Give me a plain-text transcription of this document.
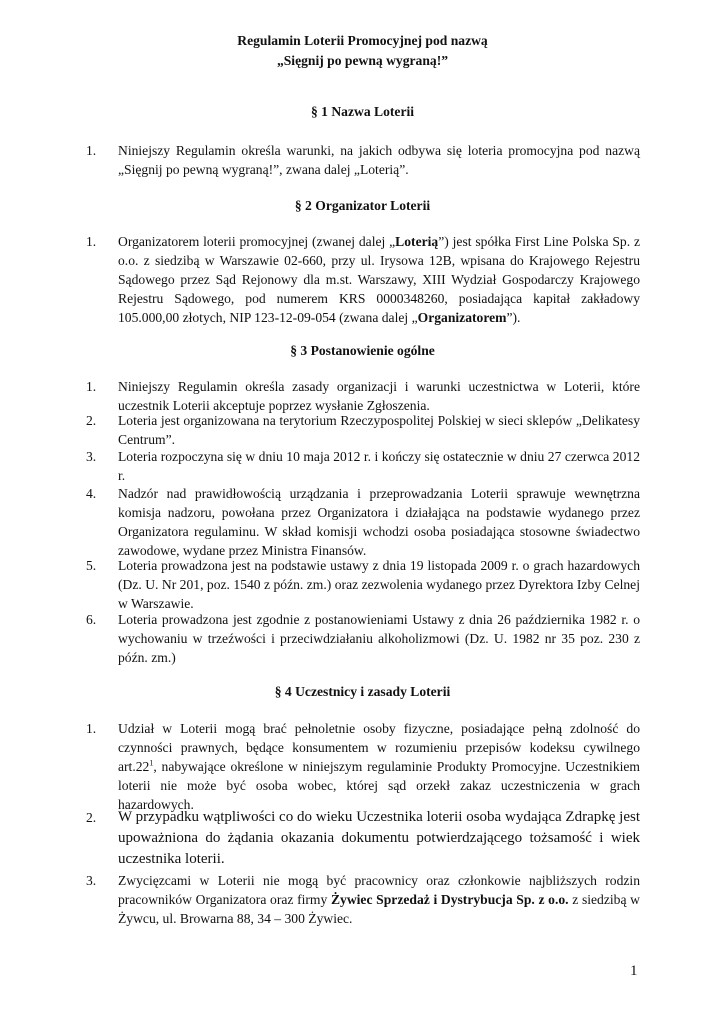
Regulamin Loterii Promocyjnej pod nazwą
„Sięgnij po pewną wygraną!”
§ 1 Nazwa Loterii
1.	Niniejszy Regulamin określa warunki, na jakich odbywa się loteria promocyjna pod nazwą „Sięgnij po pewną wygraną!”, zwana dalej „Loterią”.
§ 2 Organizator Loterii
1.	Organizatorem loterii promocyjnej (zwanej dalej „Loterią”) jest spółka First Line Polska Sp. z o.o. z siedzibą w Warszawie 02-660, przy ul. Irysowa 12B, wpisana do Krajowego Rejestru Sądowego przez Sąd Rejonowy dla m.st. Warszawy, XIII Wydział Gospodarczy Krajowego Rejestru Sądowego, pod numerem KRS 0000348260, posiadająca kapitał zakładowy 105.000,00 złotych, NIP 123-12-09-054 (zwana dalej „Organizatorem”).
§ 3 Postanowienie ogólne
1.	Niniejszy Regulamin określa zasady organizacji i warunki uczestnictwa w Loterii, które uczestnik Loterii akceptuje poprzez wysłanie Zgłoszenia.
2.	Loteria jest organizowana na terytorium Rzeczypospolitej Polskiej w sieci sklepów „Delikatesy Centrum”.
3.	Loteria rozpoczyna się w dniu 10 maja 2012 r. i kończy się ostatecznie w dniu 27 czerwca 2012 r.
4.	Nadzór nad prawidłowością urządzania i przeprowadzania Loterii sprawuje wewnętrzna komisja nadzoru, powołana przez Organizatora i działająca na podstawie wydanego przez Organizatora regulaminu. W skład komisji wchodzi osoba posiadająca stosowne świadectwo zawodowe, wydane przez Ministra Finansów.
5.	Loteria prowadzona jest na podstawie ustawy z dnia 19 listopada 2009 r. o grach hazardowych (Dz. U. Nr 201, poz. 1540 z późn. zm.) oraz zezwolenia wydanego przez Dyrektora Izby Celnej w Warszawie.
6.	Loteria prowadzona jest zgodnie z postanowieniami Ustawy z dnia 26 października 1982 r. o wychowaniu w trzeźwości i przeciwdziałaniu alkoholizmowi (Dz. U. 1982 nr 35 poz. 230 z późn. zm.)
§ 4 Uczestnicy i zasady Loterii
1.	Udział w Loterii mogą brać pełnoletnie osoby fizyczne, posiadające pełną zdolność do czynności prawnych, będące konsumentem w rozumieniu przepisów kodeksu cywilnego $art.22^1$, nabywające określone w niniejszym regulaminie Produkty Promocyjne. Uczestnikiem loterii nie może być osoba wobec, której sąd orzekł zakaz uczestniczenia w grach hazardowych.
2.	W przypadku wątpliwości co do wieku Uczestnika loterii osoba wydająca Zdrapkę jest upoważniona do żądania okazania dokumentu potwierdzającego tożsamość i wiek uczestnika loterii.
3.	Zwycięzcami w Loterii nie mogą być pracownicy oraz członkowie najbliższych rodzin pracowników Organizatora oraz firmy Żywiec Sprzedaż i Dystrybucja Sp. z o.o. z siedzibą w Żywcu, ul. Browarna 88, 34 – 300 Żywiec.
1
